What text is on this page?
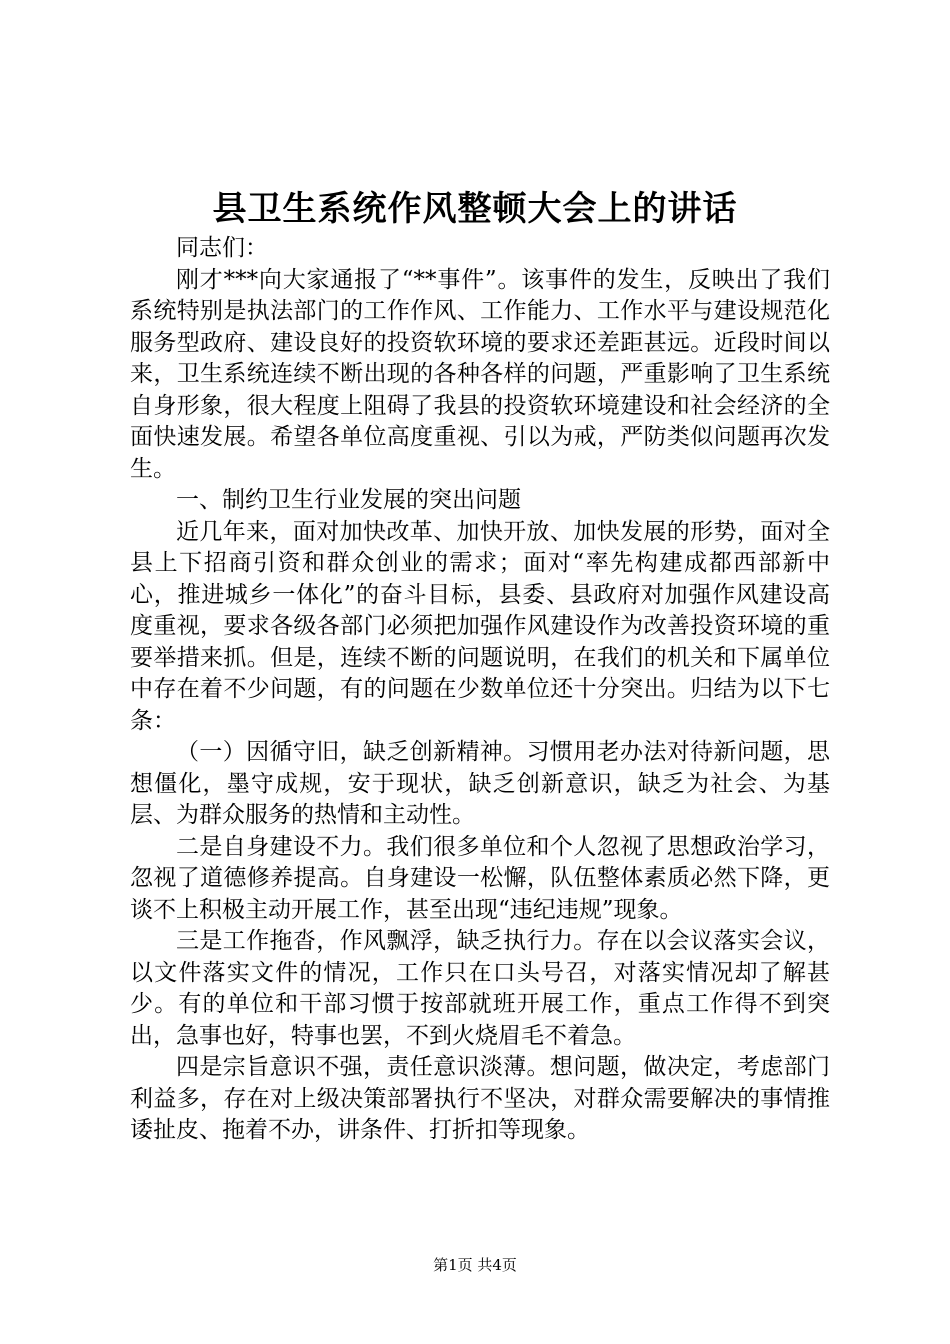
县卫生系统作风整顿大会上的讲话

同志们：

刚才***向大家通报了“**事件”。该事件的发生，反映出了我们系统特别是执法部门的工作作风、工作能力、工作水平与建设规范化服务型政府、建设良好的投资软环境的要求还差距甚远。近段时间以来，卫生系统连续不断出现的各种各样的问题，严重影响了卫生系统自身形象，很大程度上阻碍了我县的投资软环境建设和社会经济的全面快速发展。希望各单位高度重视、引以为戒，严防类似问题再次发生。

一、制约卫生行业发展的突出问题

近几年来，面对加快改革、加快开放、加快发展的形势，面对全县上下招商引资和群众创业的需求；面对“率先构建成都西部新中心，推进城乡一体化”的奋斗目标，县委、县政府对加强作风建设高度重视，要求各级各部门必须把加强作风建设作为改善投资环境的重要举措来抓。但是，连续不断的问题说明，在我们的机关和下属单位中存在着不少问题，有的问题在少数单位还十分突出。归结为以下七条：

（一）因循守旧，缺乏创新精神。习惯用老办法对待新问题，思想僵化，墨守成规，安于现状，缺乏创新意识，缺乏为社会、为基层、为群众服务的热情和主动性。

二是自身建设不力。我们很多单位和个人忽视了思想政治学习，忽视了道德修养提高。自身建设一松懈，队伍整体素质必然下降，更谈不上积极主动开展工作，甚至出现“违纪违规”现象。

三是工作拖沓，作风飘浮，缺乏执行力。存在以会议落实会议，以文件落实文件的情况，工作只在口头号召，对落实情况却了解甚少。有的单位和干部习惯于按部就班开展工作，重点工作得不到突出，急事也好，特事也罢，不到火烧眉毛不着急。

四是宗旨意识不强，责任意识淡薄。想问题，做决定，考虑部门利益多，存在对上级决策部署执行不坚决，对群众需要解决的事情推诿扯皮、拖着不办，讲条件、打折扣等现象。

第1页 共4页
